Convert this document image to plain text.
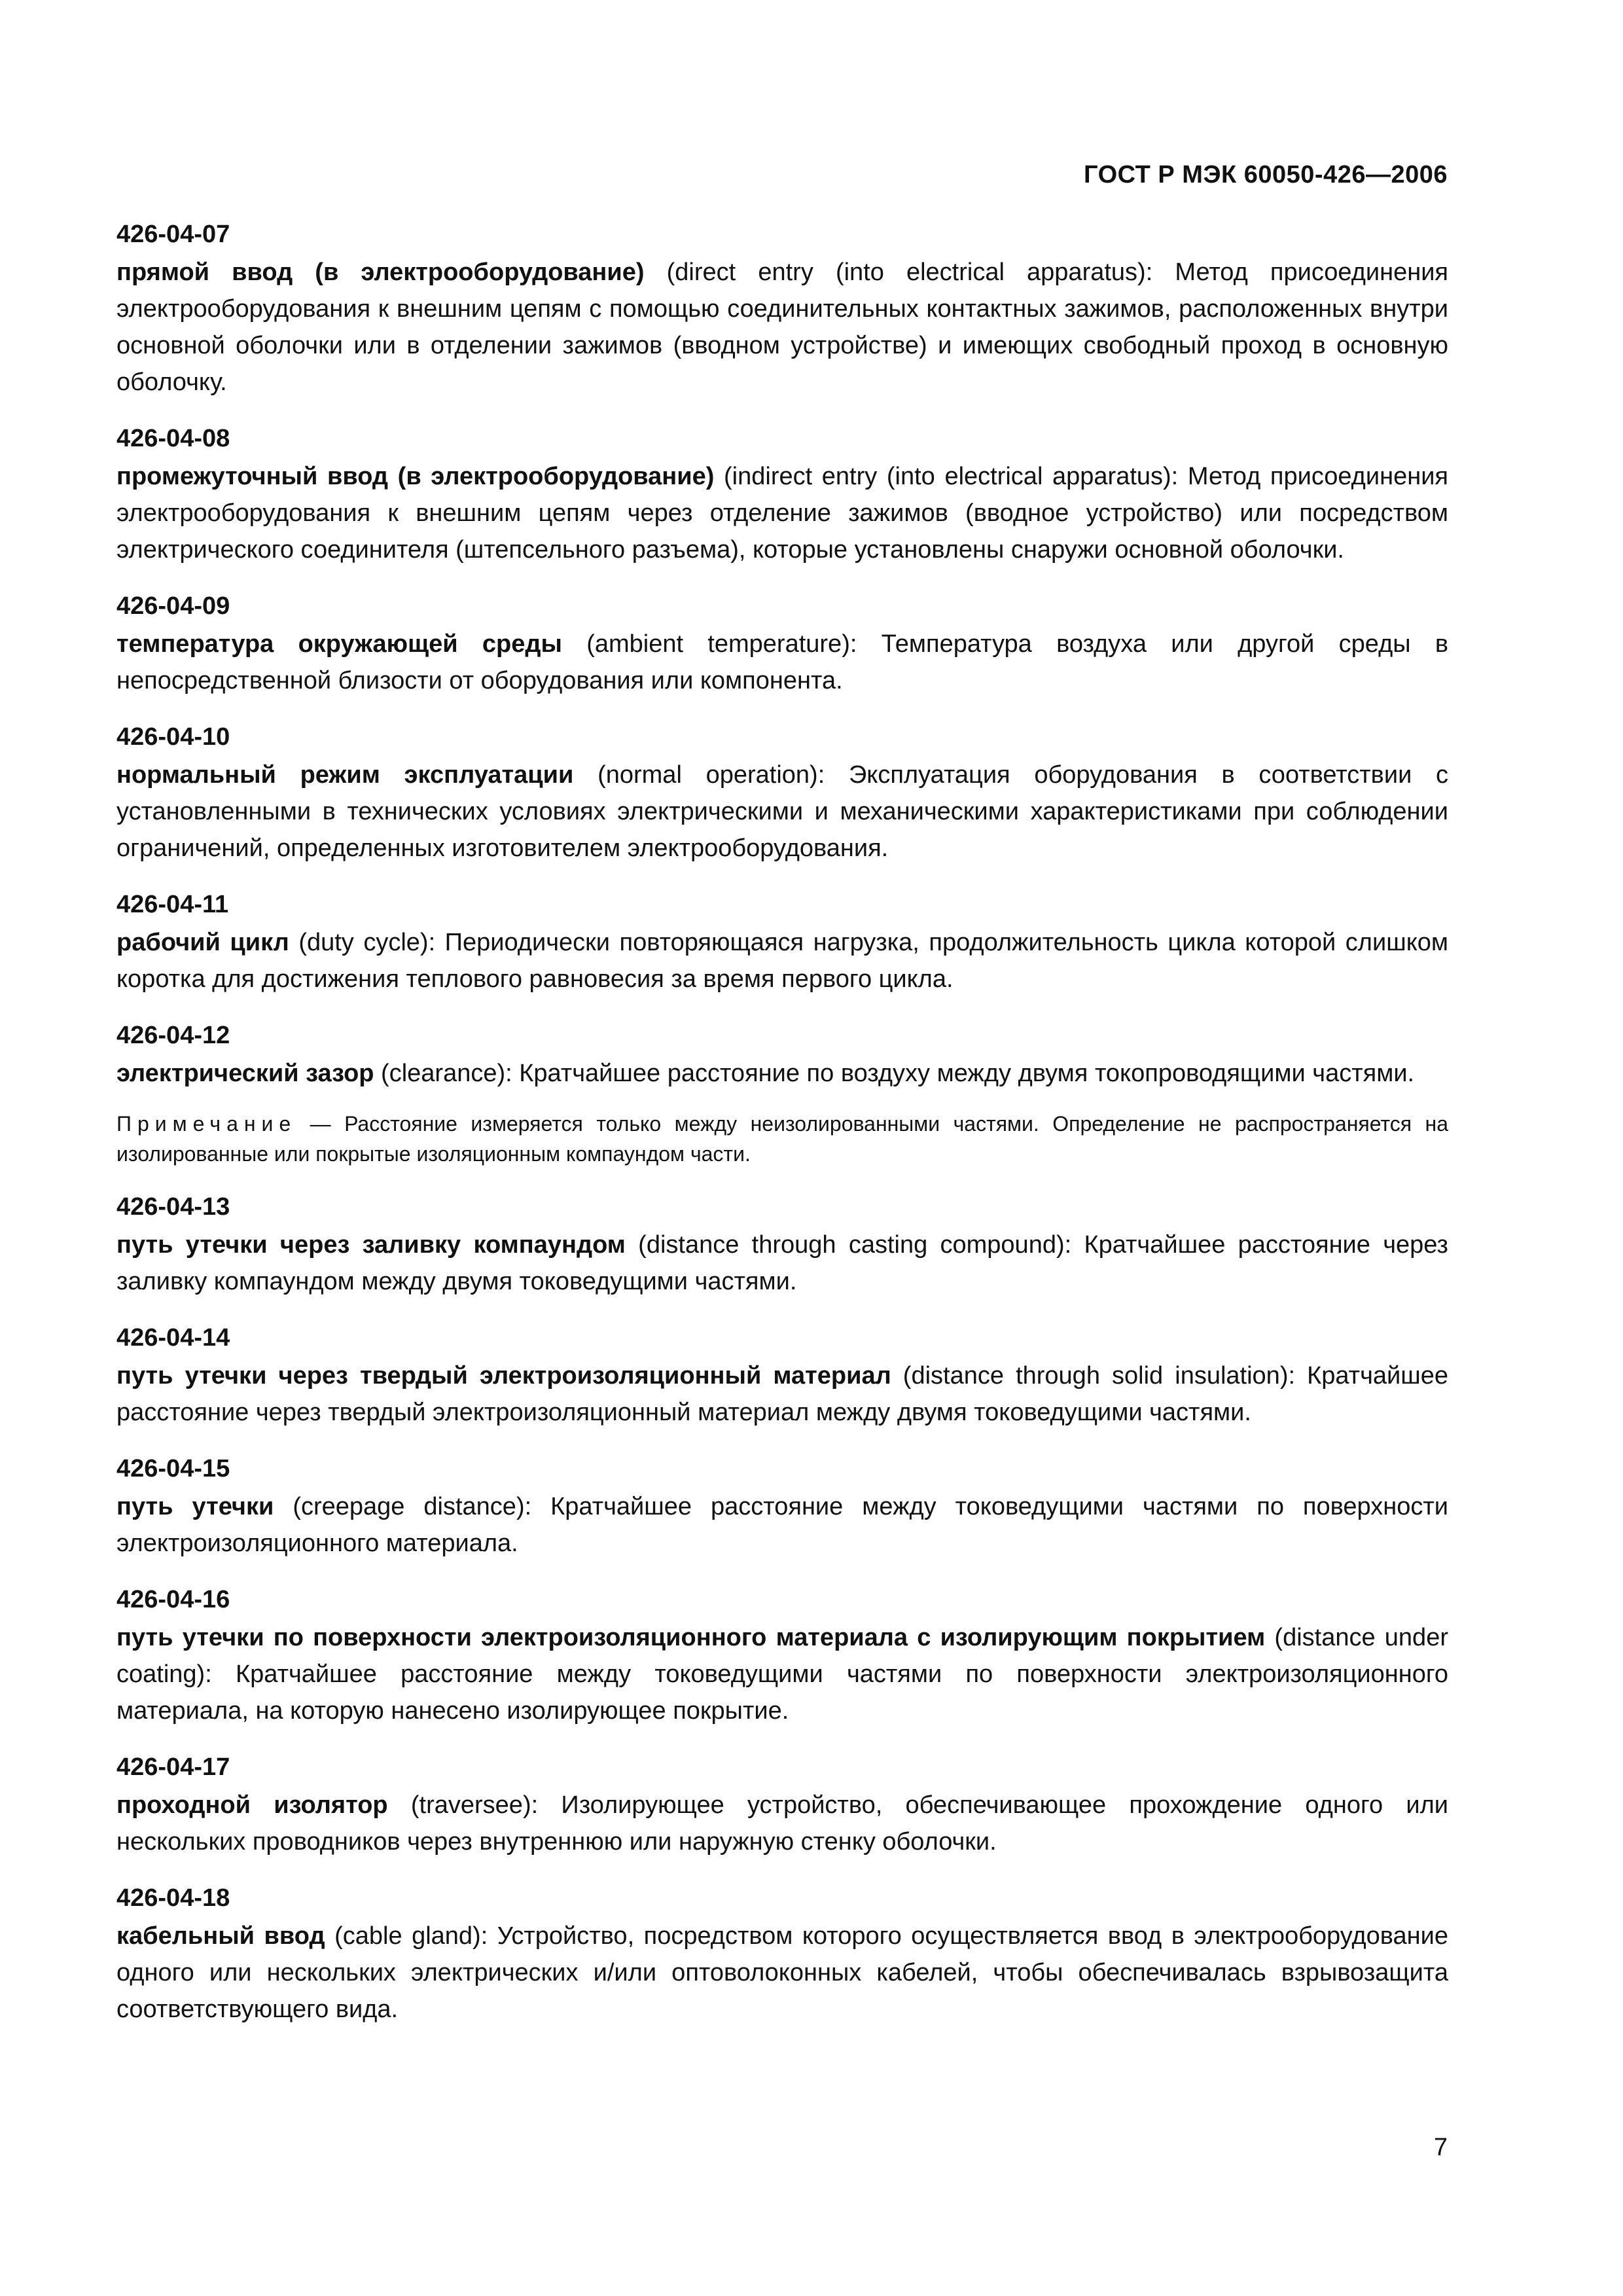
ГОСТ Р МЭК 60050-426—2006
426-04-07
прямой ввод (в электрооборудование) (direct entry (into electrical apparatus): Метод присоединения электрооборудования к внешним цепям с помощью соединительных контактных зажимов, расположенных внутри основной оболочки или в отделении зажимов (вводном устройстве) и имеющих свободный проход в основную оболочку.
426-04-08
промежуточный ввод (в электрооборудование) (indirect entry (into electrical apparatus): Метод присоединения электрооборудования к внешним цепям через отделение зажимов (вводное устройство) или посредством электрического соединителя (штепсельного разъема), которые установлены снаружи основной оболочки.
426-04-09
температура окружающей среды (ambient temperature): Температура воздуха или другой среды в непосредственной близости от оборудования или компонента.
426-04-10
нормальный режим эксплуатации (normal operation): Эксплуатация оборудования в соответствии с установленными в технических условиях электрическими и механическими характеристиками при соблюдении ограничений, определенных изготовителем электрооборудования.
426-04-11
рабочий цикл (duty cycle): Периодически повторяющаяся нагрузка, продолжительность цикла которой слишком коротка для достижения теплового равновесия за время первого цикла.
426-04-12
электрический зазор (clearance): Кратчайшее расстояние по воздуху между двумя токопроводящими частями.
Примечание — Расстояние измеряется только между неизолированными частями. Определение не распространяется на изолированные или покрытые изоляционным компаундом части.
426-04-13
путь утечки через заливку компаундом (distance through casting compound): Кратчайшее расстояние через заливку компаундом между двумя токоведущими частями.
426-04-14
путь утечки через твердый электроизоляционный материал (distance through solid insulation): Кратчайшее расстояние через твердый электроизоляционный материал между двумя токоведущими частями.
426-04-15
путь утечки (creepage distance): Кратчайшее расстояние между токоведущими частями по поверхности электроизоляционного материала.
426-04-16
путь утечки по поверхности электроизоляционного материала с изолирующим покрытием (distance under coating): Кратчайшее расстояние между токоведущими частями по поверхности электроизоляционного материала, на которую нанесено изолирующее покрытие.
426-04-17
проходной изолятор (traversee): Изолирующее устройство, обеспечивающее прохождение одного или нескольких проводников через внутреннюю или наружную стенку оболочки.
426-04-18
кабельный ввод (cable gland): Устройство, посредством которого осуществляется ввод в электрооборудование одного или нескольких электрических и/или оптоволоконных кабелей, чтобы обеспечивалась взрывозащита соответствующего вида.
7
